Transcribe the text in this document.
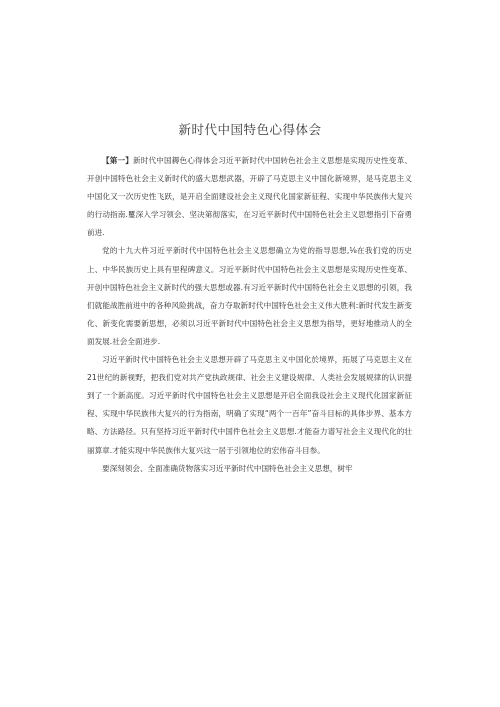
新时代中国特色心得体会

【第一】新时代中国耨色心得体会习近平新时代中国转色社会主义思想是实现历史性变革、开创中国特色社会主义新时代的盛大思想武器，开辟了马克思主义中国化新境界，是马克思主义中国化又一次历史性飞跃，是开启全面建设社会主义现代化国家新征程、实现中华民族伟大复兴的行动指南.矍深入学习领会、坚决第彻落实，在习近平新时代中国特色社会主义思想指引下奋勇前进.

党的十九大杵习近平新时代中国特色社会主义思想确立为党的指导思想,⅛在我们党的历史上、中华民族历史上具有里程碑意义。习近平新时代中国特色社会主义思想是实现历史性变革、开创中国特色社会主义新时代的强大思想或器.有习近平新时代中国特色社会主义思想的引领，我们就能战胜前进中的各种风险挑战，奋力夺取新时代中国特色社会主义伟大胜利:新时代发生新变化、新变化需要新思想，必须以习近平新时代中国特色社会主义思想为指导，更好地推动人的全面发展.社会全面进步.

习近平新时代中国特色社会主义思想开辟了马克思主义中国化於境界，拓展了马克思主义在21世纪的新视野，把我们党对共产党执政规律、社会主义建设规律、人类社会发展规律的认识提到了一个新高度。习近平新时代中国特色社会主义思想是开启全面我设社会主义现代化国家新征程、实现中华民族伟大复兴的行为指南，明确了实现“两个一百年”奋斗目标的具体步界、基本方略、方法路径。只有坚持习近平新时代中国件色社会主义思想.才能奋力谱写社会主义现代化的壮丽算章.才能实现中华民族伟大复兴这一居于引领地位的宏伟奋斗目参。

要深刻领会、全面准确货物落实习近平新时代中国特色社会主义思想，树牢
